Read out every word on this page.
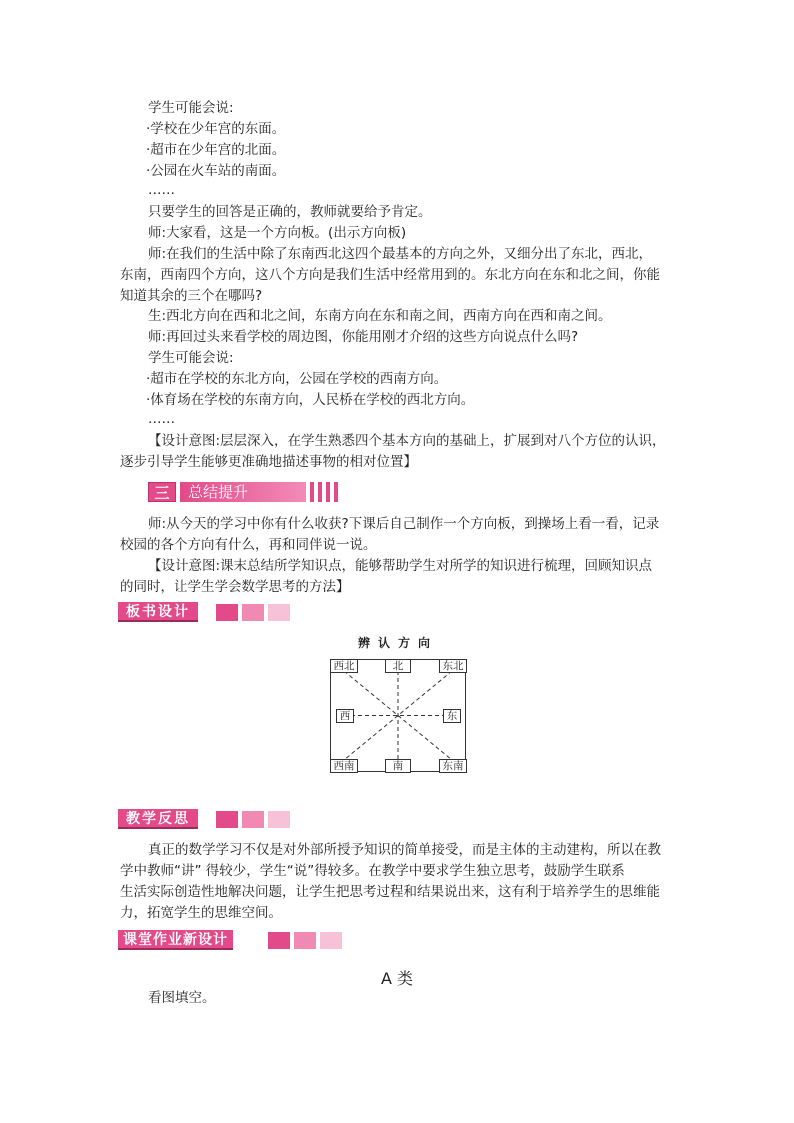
学生可能会说:
·学校在少年宫的东面。
·超市在少年宫的北面。
·公园在火车站的南面。
……
只要学生的回答是正确的，教师就要给予肯定。
师:大家看，这是一个方向板。(出示方向板)
师:在我们的生活中除了东南西北这四个最基本的方向之外，又细分出了东北，西北，
东南，西南四个方向，这八个方向是我们生活中经常用到的。东北方向在东和北之间，你能
知道其余的三个在哪吗?
生:西北方向在西和北之间，东南方向在东和南之间，西南方向在西和南之间。
师:再回过头来看学校的周边图，你能用刚才介绍的这些方向说点什么吗?
学生可能会说:
·超市在学校的东北方向，公园在学校的西南方向。
·体育场在学校的东南方向，人民桥在学校的西北方向。
……
【设计意图:层层深入，在学生熟悉四个基本方向的基础上，扩展到对八个方位的认识，
逐步引导学生能够更准确地描述事物的相对位置】
三	总结提升
师:从今天的学习中你有什么收获?下课后自己制作一个方向板，到操场上看一看，记录
校园的各个方向有什么，再和同伴说一说。
【设计意图:课末总结所学知识点，能够帮助学生对所学的知识进行梳理，回顾知识点
的同时，让学生学会数学思考的方法】
板书设计
辨认方向
西北	北	东北
西	东
西南	南	东南
教学反思
真正的数学学习不仅是对外部所授予知识的简单接受，而是主体的主动建构，所以在教
学中教师“讲” 得较少，学生“说”得较多。在教学中要求学生独立思考，鼓励学生联系
生活实际创造性地解决问题，让学生把思考过程和结果说出来，这有利于培养学生的思维能
力，拓宽学生的思维空间。
课堂作业新设计
A 类
看图填空。
